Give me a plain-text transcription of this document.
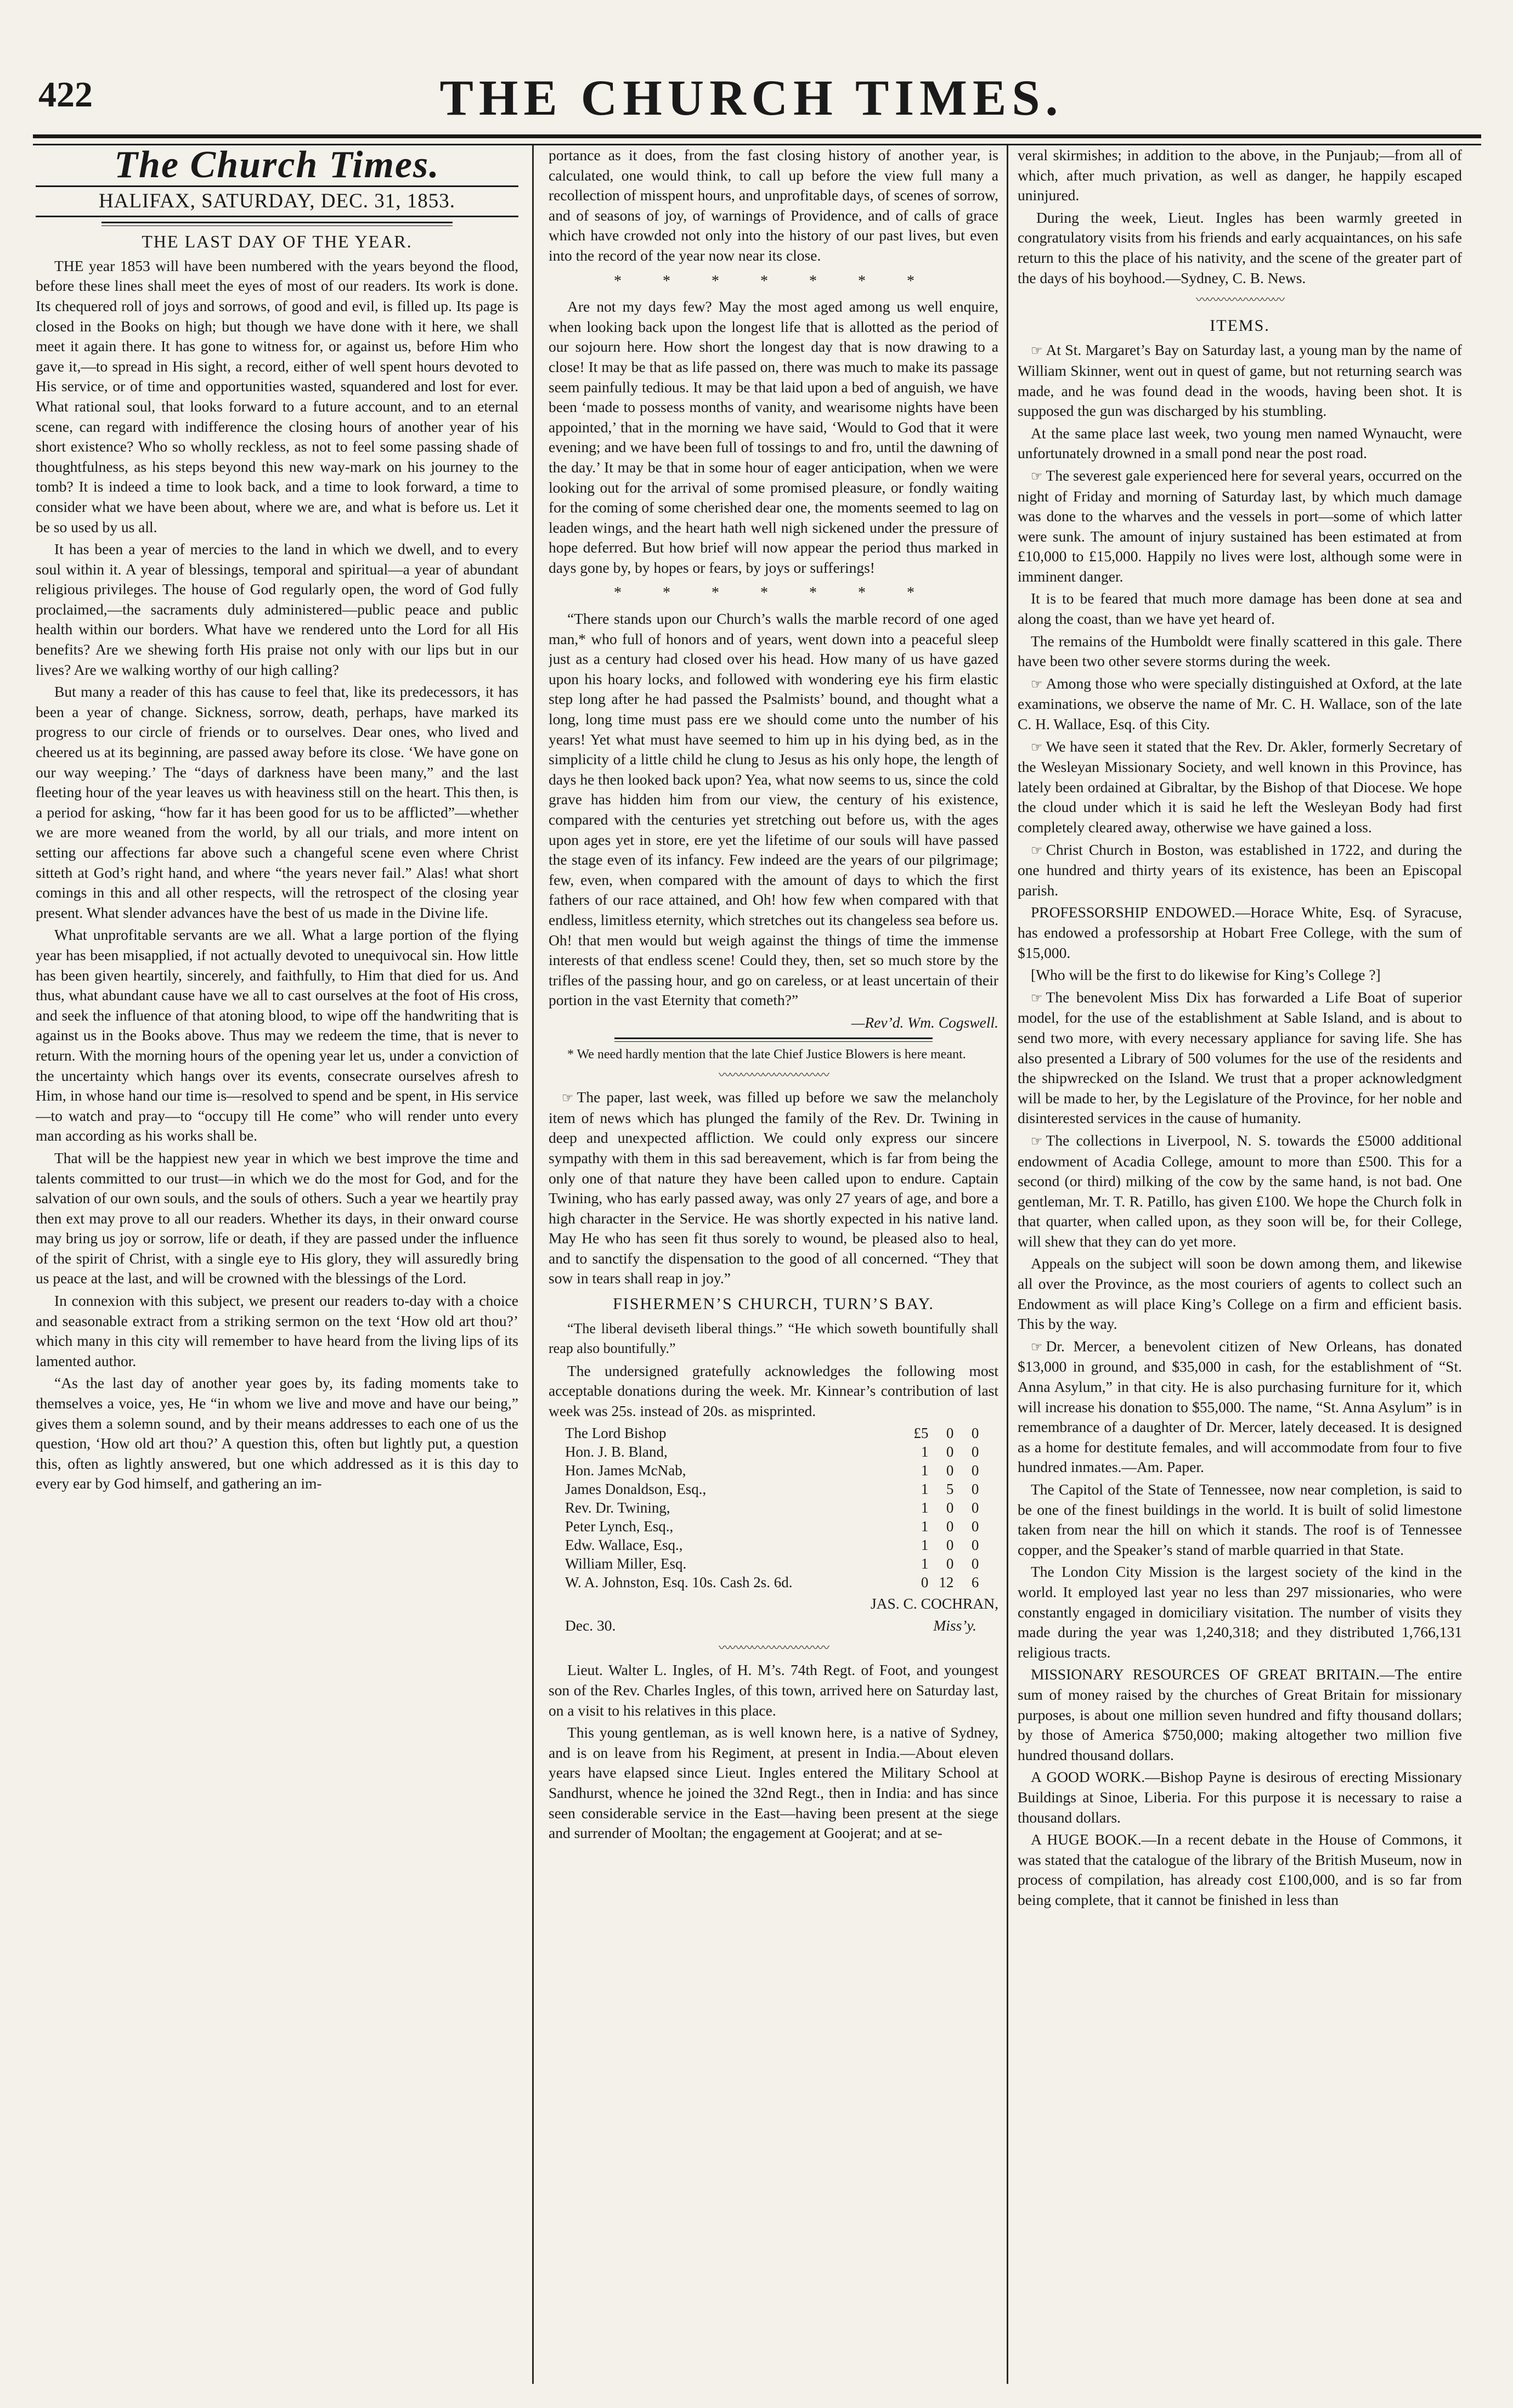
422	THE CHURCH TIMES.
The Church Times.
HALIFAX, SATURDAY, DEC. 31, 1853.
THE LAST DAY OF THE YEAR.

THE year 1853 will have been numbered with the years beyond the flood, before these lines shall meet the eyes of most of our readers. Its work is done. Its chequered roll of joys and sorrows, of good and evil, is filled up. Its page is closed in the Books on high; but though we have done with it here, we shall meet it again there. It has gone to witness for, or against us, before Him who gave it,—to spread in His sight, a record, either of well spent hours devoted to His service, or of time and opportunities wasted, squandered and lost for ever. What rational soul, that looks forward to a future account, and to an eternal scene, can regard with indifference the closing hours of another year of his short existence? Who so wholly reckless, as not to feel some passing shade of thoughtfulness, as his steps beyond this new way-mark on his journey to the tomb? It is indeed a time to look back, and a time to look forward, a time to consider what we have been about, where we are, and what is before us. Let it be so used by us all.

It has been a year of mercies to the land in which we dwell, and to every soul within it. A year of blessings, temporal and spiritual—a year of abundant religious privileges. The house of God regularly open, the word of God fully proclaimed,—the sacraments duly administered—public peace and public health within our borders. What have we rendered unto the Lord for all His benefits? Are we shewing forth His praise not only with our lips but in our lives? Are we walking worthy of our high calling?

But many a reader of this has cause to feel that, like its predecessors, it has been a year of change. Sickness, sorrow, death, perhaps, have marked its progress to our circle of friends or to ourselves. Dear ones, who lived and cheered us at its beginning, are passed away before its close. ‘We have gone on our way weeping.’ The “days of darkness have been many,” and the last fleeting hour of the year leaves us with heaviness still on the heart. This then, is a period for asking, “how far it has been good for us to be afflicted”—whether we are more weaned from the world, by all our trials, and more intent on setting our affections far above such a changeful scene even where Christ sitteth at God’s right hand, and where “the years never fail.” Alas! what short comings in this and all other respects, will the retrospect of the closing year present. What slender advances have the best of us made in the Divine life.

What unprofitable servants are we all. What a large portion of the flying year has been misapplied, if not actually devoted to unequivocal sin. How little has been given heartily, sincerely, and faithfully, to Him that died for us. And thus, what abundant cause have we all to cast ourselves at the foot of His cross, and seek the influence of that atoning blood, to wipe off the handwriting that is against us in the Books above. Thus may we redeem the time, that is never to return. With the morning hours of the opening year let us, under a conviction of the uncertainty which hangs over its events, consecrate ourselves afresh to Him, in whose hand our time is—resolved to spend and be spent, in His service—to watch and pray—to “occupy till He come” who will render unto every man according as his works shall be.

That will be the happiest new year in which we best improve the time and talents committed to our trust—in which we do the most for God, and for the salvation of our own souls, and the souls of others. Such a year we heartily pray then ext may prove to all our readers. Whether its days, in their onward course may bring us joy or sorrow, life or death, if they are passed under the influence of the spirit of Christ, with a single eye to His glory, they will assuredly bring us peace at the last, and will be crowned with the blessings of the Lord.

In connexion with this subject, we present our readers to-day with a choice and seasonable extract from a striking sermon on the text ‘How old art thou?’ which many in this city will remember to have heard from the living lips of its lamented author.

“As the last day of another year goes by, its fading moments take to themselves a voice, yes, He “in whom we live and move and have our being,” gives them a solemn sound, and by their means addresses to each one of us the question, ‘How old art thou?’ A question this, often but lightly put, a question this, often as lightly answered, but one which addressed as it is this day to every ear by God himself, and gathering an im-

portance as it does, from the fast closing history of another year, is calculated, one would think, to call up before the view full many a recollection of misspent hours, and unprofitable days, of scenes of sorrow, and of seasons of joy, of warnings of Providence, and of calls of grace which have crowded not only into the history of our past lives, but even into the record of the year now near its close.

* * * * * * *

Are not my days few? May the most aged among us well enquire, when looking back upon the longest life that is allotted as the period of our sojourn here. How short the longest day that is now drawing to a close! It may be that as life passed on, there was much to make its passage seem painfully tedious. It may be that laid upon a bed of anguish, we have been ‘made to possess months of vanity, and wearisome nights have been appointed,’ that in the morning we have said, ‘Would to God that it were evening; and we have been full of tossings to and fro, until the dawning of the day.’ It may be that in some hour of eager anticipation, when we were looking out for the arrival of some promised pleasure, or fondly waiting for the coming of some cherished dear one, the moments seemed to lag on leaden wings, and the heart hath well nigh sickened under the pressure of hope deferred. But how brief will now appear the period thus marked in days gone by, by hopes or fears, by joys or sufferings!

* * * * * * *

“There stands upon our Church’s walls the marble record of one aged man,* who full of honors and of years, went down into a peaceful sleep just as a century had closed over his head. How many of us have gazed upon his hoary locks, and followed with wondering eye his firm elastic step long after he had passed the Psalmists’ bound, and thought what a long, long time must pass ere we should come unto the number of his years! Yet what must have seemed to him up in his dying bed, as in the simplicity of a little child he clung to Jesus as his only hope, the length of days he then looked back upon? Yea, what now seems to us, since the cold grave has hidden him from our view, the century of his existence, compared with the centuries yet stretching out before us, with the ages upon ages yet in store, ere yet the lifetime of our souls will have passed the stage even of its infancy. Few indeed are the years of our pilgrimage; few, even, when compared with the amount of days to which the first fathers of our race attained, and Oh! how few when compared with that endless, limitless eternity, which stretches out its changeless sea before us. Oh! that men would but weigh against the things of time the immense interests of that endless scene! Could they, then, set so much store by the trifles of the passing hour, and go on careless, or at least uncertain of their portion in the vast Eternity that cometh?”

—Rev’d. Wm. Cogswell.

* We need hardly mention that the late Chief Justice Blowers is here meant.

〰〰〰〰〰〰〰〰〰〰

☞ The paper, last week, was filled up before we saw the melancholy item of news which has plunged the family of the Rev. Dr. Twining in deep and unexpected affliction. We could only express our sincere sympathy with them in this sad bereavement, which is far from being the only one of that nature they have been called upon to endure. Captain Twining, who has early passed away, was only 27 years of age, and bore a high character in the Service. He was shortly expected in his native land. May He who has seen fit thus sorely to wound, be pleased also to heal, and to sanctify the dispensation to the good of all concerned. “They that sow in tears shall reap in joy.”

FISHERMEN’S CHURCH, TURN’S BAY.

“The liberal deviseth liberal things.” “He which soweth bountifully shall reap also bountifully.”

The undersigned gratefully acknowledges the following most acceptable donations during the week. Mr. Kinnear’s contribution of last week was 25s. instead of 20s. as misprinted.

The Lord Bishop	£5	0	0
Hon. J. B. Bland,	1	0	0
Hon. James McNab,	1	0	0
James Donaldson, Esq.,	1	5	0
Rev. Dr. Twining,	1	0	0
Peter Lynch, Esq.,	1	0	0
Edw. Wallace, Esq.,	1	0	0
William Miller, Esq.	1	0	0
W. A. Johnston, Esq. 10s. Cash 2s. 6d.	0	12	6

JAS. C. COCHRAN,

Dec. 30.	Miss’y.
〰〰〰〰〰〰〰〰〰〰

Lieut. Walter L. Ingles, of H. M’s. 74th Regt. of Foot, and youngest son of the Rev. Charles Ingles, of this town, arrived here on Saturday last, on a visit to his relatives in this place.

This young gentleman, as is well known here, is a native of Sydney, and is on leave from his Regiment, at present in India.—About eleven years have elapsed since Lieut. Ingles entered the Military School at Sandhurst, whence he joined the 32nd Regt., then in India: and has since seen considerable service in the East—having been present at the siege and surrender of Mooltan; the engagement at Goojerat; and at se-

veral skirmishes; in addition to the above, in the Punjaub;—from all of which, after much privation, as well as danger, he happily escaped uninjured.

During the week, Lieut. Ingles has been warmly greeted in congratulatory visits from his friends and early acquaintances, on his safe return to this the place of his nativity, and the scene of the greater part of the days of his boyhood.—Sydney, C. B. News.

〰〰〰〰〰〰〰〰
ITEMS.

☞ At St. Margaret’s Bay on Saturday last, a young man by the name of William Skinner, went out in quest of game, but not returning search was made, and he was found dead in the woods, having been shot. It is supposed the gun was discharged by his stumbling.

At the same place last week, two young men named Wynaucht, were unfortunately drowned in a small pond near the post road.

☞ The severest gale experienced here for several years, occurred on the night of Friday and morning of Saturday last, by which much damage was done to the wharves and the vessels in port—some of which latter were sunk. The amount of injury sustained has been estimated at from £10,000 to £15,000. Happily no lives were lost, although some were in imminent danger.

It is to be feared that much more damage has been done at sea and along the coast, than we have yet heard of.

The remains of the Humboldt were finally scattered in this gale. There have been two other severe storms during the week.

☞ Among those who were specially distinguished at Oxford, at the late examinations, we observe the name of Mr. C. H. Wallace, son of the late C. H. Wallace, Esq. of this City.

☞ We have seen it stated that the Rev. Dr. Akler, formerly Secretary of the Wesleyan Missionary Society, and well known in this Province, has lately been ordained at Gibraltar, by the Bishop of that Diocese. We hope the cloud under which it is said he left the Wesleyan Body had first completely cleared away, otherwise we have gained a loss.

☞ Christ Church in Boston, was established in 1722, and during the one hundred and thirty years of its existence, has been an Episcopal parish.

PROFESSORSHIP ENDOWED.—Horace White, Esq. of Syracuse, has endowed a professorship at Hobart Free College, with the sum of $15,000.

[Who will be the first to do likewise for King’s College ?]

☞ The benevolent Miss Dix has forwarded a Life Boat of superior model, for the use of the establishment at Sable Island, and is about to send two more, with every necessary appliance for saving life. She has also presented a Library of 500 volumes for the use of the residents and the shipwrecked on the Island. We trust that a proper acknowledgment will be made to her, by the Legislature of the Province, for her noble and disinterested services in the cause of humanity.

☞ The collections in Liverpool, N. S. towards the £5000 additional endowment of Acadia College, amount to more than £500. This for a second (or third) milking of the cow by the same hand, is not bad. One gentleman, Mr. T. R. Patillo, has given £100. We hope the Church folk in that quarter, when called upon, as they soon will be, for their College, will shew that they can do yet more.

Appeals on the subject will soon be down among them, and likewise all over the Province, as the most couriers of agents to collect such an Endowment as will place King’s College on a firm and efficient basis. This by the way.

☞ Dr. Mercer, a benevolent citizen of New Orleans, has donated $13,000 in ground, and $35,000 in cash, for the establishment of “St. Anna Asylum,” in that city. He is also purchasing furniture for it, which will increase his donation to $55,000. The name, “St. Anna Asylum” is in remembrance of a daughter of Dr. Mercer, lately deceased. It is designed as a home for destitute females, and will accommodate from four to five hundred inmates.—Am. Paper.

The Capitol of the State of Tennessee, now near completion, is said to be one of the finest buildings in the world. It is built of solid limestone taken from near the hill on which it stands. The roof is of Tennessee copper, and the Speaker’s stand of marble quarried in that State.

The London City Mission is the largest society of the kind in the world. It employed last year no less than 297 missionaries, who were constantly engaged in domiciliary visitation. The number of visits they made during the year was 1,240,318; and they distributed 1,766,131 religious tracts.

MISSIONARY RESOURCES OF GREAT BRITAIN.—The entire sum of money raised by the churches of Great Britain for missionary purposes, is about one million seven hundred and fifty thousand dollars; by those of America $750,000; making altogether two million five hundred thousand dollars.

A GOOD WORK.—Bishop Payne is desirous of erecting Missionary Buildings at Sinoe, Liberia. For this purpose it is necessary to raise a thousand dollars.

A HUGE BOOK.—In a recent debate in the House of Commons, it was stated that the catalogue of the library of the British Museum, now in process of compilation, has already cost £100,000, and is so far from being complete, that it cannot be finished in less than
